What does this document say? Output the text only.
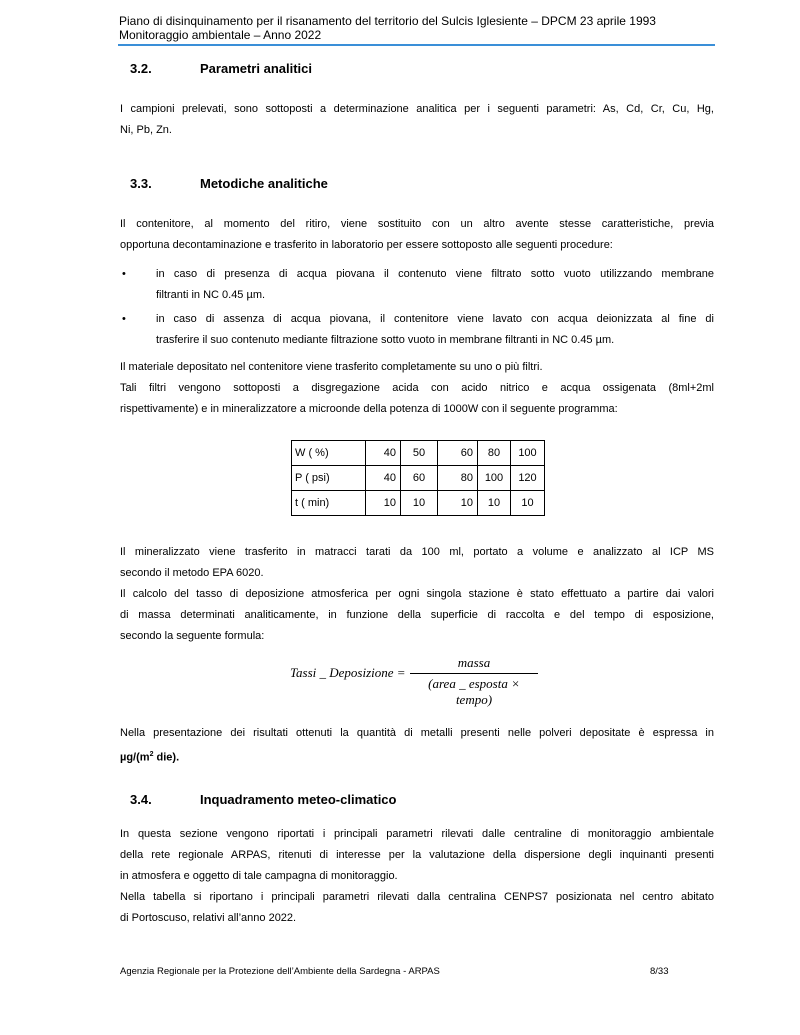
Piano di disinquinamento per il risanamento del territorio del Sulcis Iglesiente – DPCM 23 aprile 1993
Monitoraggio ambientale – Anno 2022
3.2.	Parametri analitici
I campioni prelevati, sono sottoposti a determinazione analitica per i seguenti parametri: As, Cd, Cr, Cu, Hg,
Ni, Pb, Zn.
3.3.	Metodiche analitiche
Il contenitore, al momento del ritiro, viene sostituito con un altro avente stesse caratteristiche, previa
opportuna decontaminazione e trasferito in laboratorio per essere sottoposto alle seguenti procedure:
•	in caso di presenza di acqua piovana il contenuto viene filtrato sotto vuoto utilizzando membrane
filtranti in NC 0.45 µm.
•	in caso di assenza di acqua piovana, il contenitore viene lavato con acqua deionizzata al fine di
trasferire il suo contenuto mediante filtrazione sotto vuoto in membrane filtranti in NC 0.45 µm.
Il materiale depositato nel contenitore viene trasferito completamente su uno o più filtri.
Tali filtri vengono sottoposti a disgregazione acida con acido nitrico e acqua ossigenata (8ml+2ml
rispettivamente) e in mineralizzatore a microonde della potenza di 1000W con il seguente programma:
W ( %)	40	50	60	80	100
P ( psi)	40	60	80	100	120
t ( min)	10	10	10	10	10
Il mineralizzato viene trasferito in matracci tarati da 100 ml, portato a volume e analizzato al ICP MS
secondo il metodo EPA 6020.
Il calcolo del tasso di deposizione atmosferica per ogni singola stazione è stato effettuato a partire dai valori
di massa determinati analiticamente, in funzione della superficie di raccolta e del tempo di esposizione,
secondo la seguente formula:
Tassi _ Deposizione =
massa
(area _ esposta × tempo)
Nella presentazione dei risultati ottenuti la quantità di metalli presenti nelle polveri depositate è espressa in
$\mu g/(m^2$ die).
3.4.	Inquadramento meteo-climatico
In questa sezione vengono riportati i principali parametri rilevati dalle centraline di monitoraggio ambientale
della rete regionale ARPAS, ritenuti di interesse per la valutazione della dispersione degli inquinanti presenti
in atmosfera e oggetto di tale campagna di monitoraggio.
Nella tabella si riportano i principali parametri rilevati dalla centralina CENPS7 posizionata nel centro abitato
di Portoscuso, relativi all’anno 2022.
Agenzia Regionale per la Protezione dell’Ambiente della Sardegna - ARPAS	8/33
